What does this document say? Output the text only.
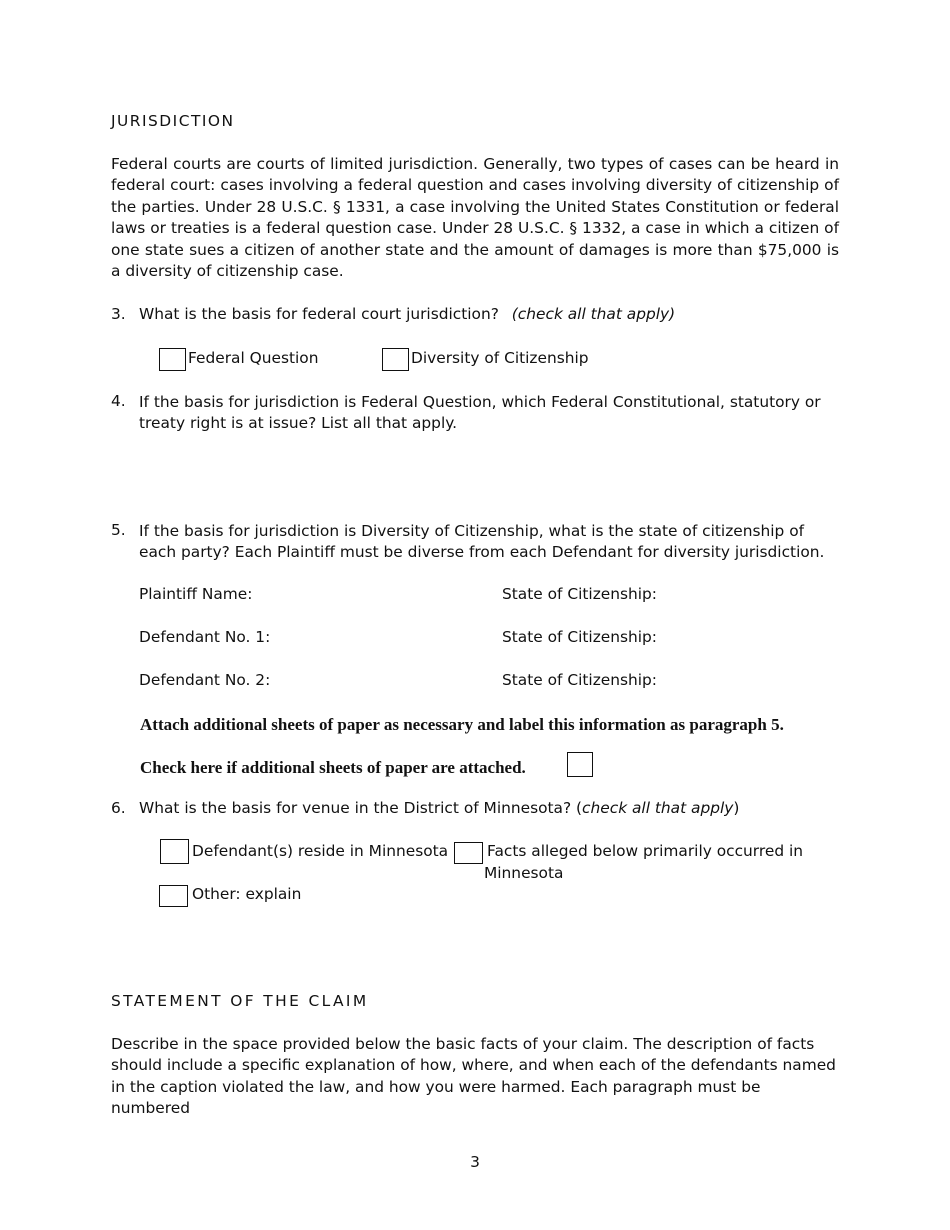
JURISDICTION
Federal courts are courts of limited jurisdiction. Generally, two types of cases can be heard in federal court: cases involving a federal question and cases involving diversity of citizenship of the parties. Under 28 U.S.C. § 1331, a case involving the United States Constitution or federal laws or treaties is a federal question case. Under 28 U.S.C. § 1332, a case in which a citizen of one state sues a citizen of another state and the amount of damages is more than $75,000 is a diversity of citizenship case.
3. What is the basis for federal court jurisdiction? (check all that apply)
Federal Question	Diversity of Citizenship
4. If the basis for jurisdiction is Federal Question, which Federal Constitutional, statutory or treaty right is at issue? List all that apply.
5. If the basis for jurisdiction is Diversity of Citizenship, what is the state of citizenship of each party? Each Plaintiff must be diverse from each Defendant for diversity jurisdiction.
Plaintiff Name:	State of Citizenship:
Defendant No. 1:	State of Citizenship:
Defendant No. 2:	State of Citizenship:
Attach additional sheets of paper as necessary and label this information as paragraph 5.
Check here if additional sheets of paper are attached.
6. What is the basis for venue in the District of Minnesota? (check all that apply)
Defendant(s) reside in Minnesota	Facts alleged below primarily occurred in
Minnesota
Other: explain
STATEMENT OF THE CLAIM
Describe in the space provided below the basic facts of your claim. The description of facts should include a specific explanation of how, where, and when each of the defendants named in the caption violated the law, and how you were harmed. Each paragraph must be numbered
3
